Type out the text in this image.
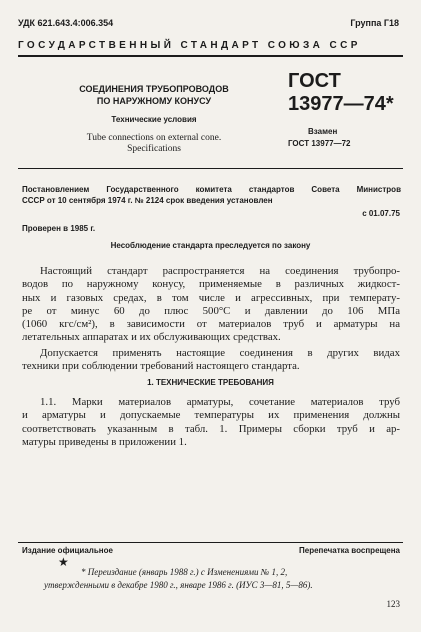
УДК 621.643.4:006.354	Группа Г18
ГОСУДАРСТВЕННЫЙ СТАНДАРТ СОЮЗА ССР
СОЕДИНЕНИЯ ТРУБОПРОВОДОВ
ПО НАРУЖНОМУ КОНУСУ
Технические условия
Tube connections on external cone.
Specifications
ГОСТ
13977—74*
Взамен
ГОСТ 13977—72
Постановлением Государственного комитета стандартов Совета Министров
СССР от 10 сентября 1974 г. № 2124 срок введения установлен
с 01.07.75
Проверен в 1985 г.
Несоблюдение стандарта преследуется по закону
Настоящий стандарт распространяется на соединения трубопро-
водов по наружному конусу, применяемые в различных жидкост-
ных и газовых средах, в том числе и агрессивных, при температу-
ре от минус 60 до плюс 500°С и давлении до 106 МПа
(1060 кгс/см²), в зависимости от материалов труб и арматуры на
летательных аппаратах и их обслуживающих средствах.
Допускается применять настоящие соединения в других видах
техники при соблюдении требований настоящего стандарта.
1. ТЕХНИЧЕСКИЕ ТРЕБОВАНИЯ
1.1. Марки материалов арматуры, сочетание материалов труб
и арматуры и допускаемые температуры их применения должны
соответствовать указанным в табл. 1. Примеры сборки труб и ар-
матуры приведены в приложении 1.
Издание официальное	Перепечатка воспрещена
★
* Переиздание (январь 1988 г.) с Изменениями № 1, 2,
утвержденными в декабре 1980 г., январе 1986 г. (ИУС 3—81, 5—86).
123
